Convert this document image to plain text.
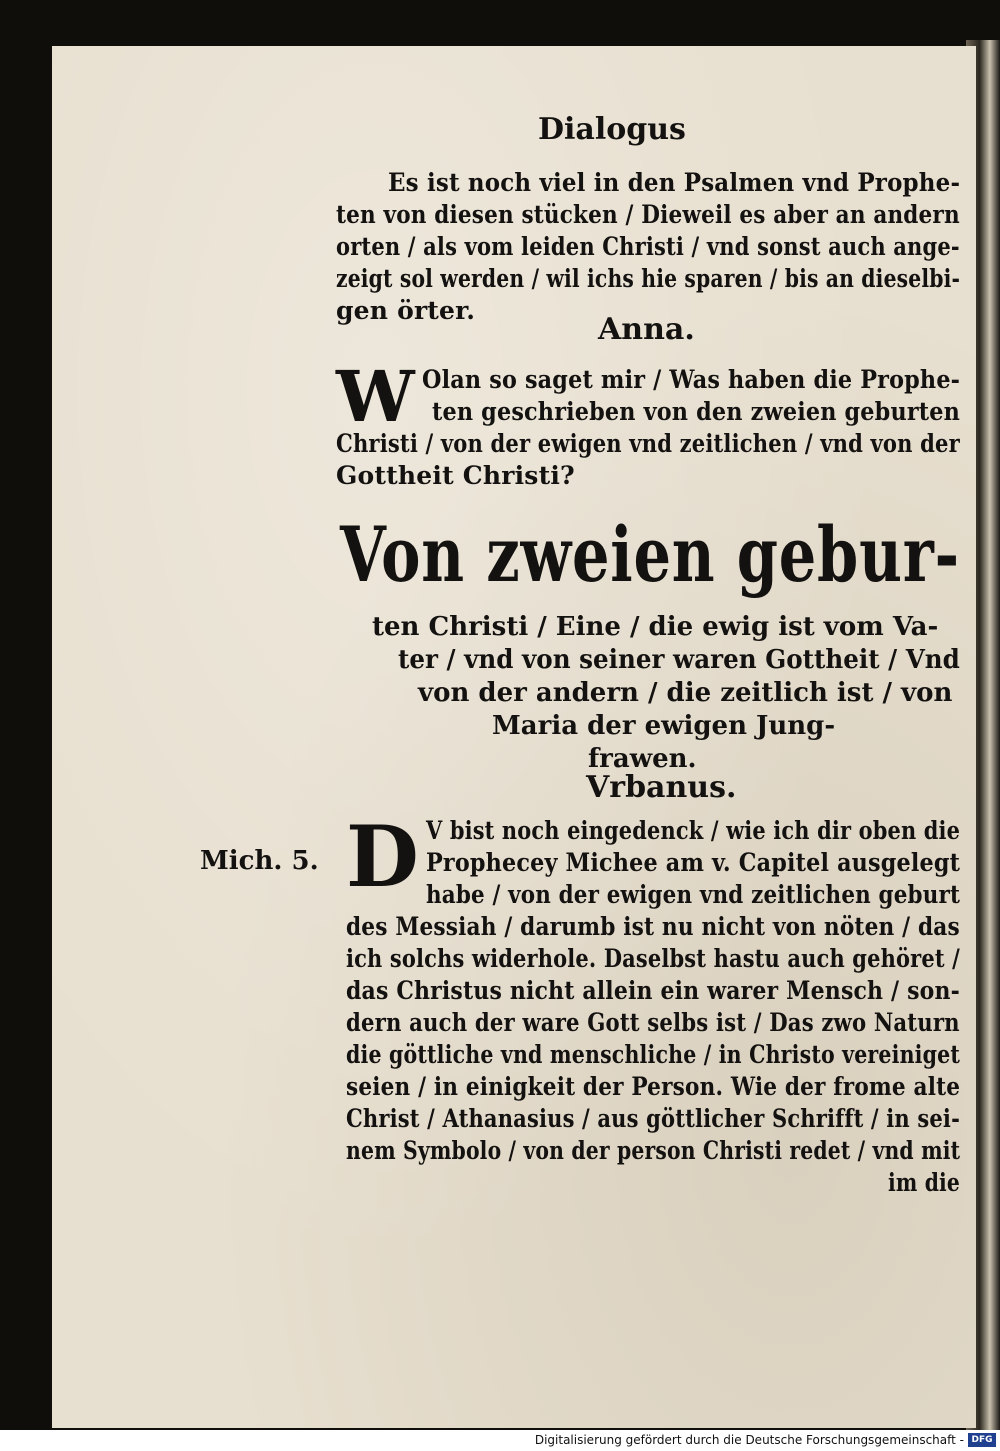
Dialogus

Es ist noch viel in den Psalmen vnd Prophe-

ten von diesen stücken / Dieweil es aber an andern

orten / als vom leiden Christi / vnd sonst auch ange-

zeigt sol werden / wil ichs hie sparen / bis an dieselbi-

gen örter.

Anna.

W Olan so saget mir / Was haben die Prophe-

ten geschrieben von den zweien geburten

Christi / von der ewigen vnd zeitlichen / vnd von der

Gottheit Christi?

Von zweien gebur-

ten Christi / Eine / die ewig ist vom Va-

ter / vnd von seiner waren Gottheit / Vnd

von der andern / die zeitlich ist / von

Maria der ewigen Jung-

frawen.

Vrbanus.

Mich. 5. D V bist noch eingedenck / wie ich dir oben die

Prophecey Michee am v. Capitel ausgelegt

habe / von der ewigen vnd zeitlichen geburt

des Messiah / darumb ist nu nicht von nöten / das

ich solchs widerhole. Daselbst hastu auch gehöret /

das Christus nicht allein ein warer Mensch / son-

dern auch der ware Gott selbs ist / Das zwo Naturn

die göttliche vnd menschliche / in Christo vereiniget

seien / in einigkeit der Person. Wie der frome alte

Christ / Athanasius / aus göttlicher Schrifft / in sei-

nem Symbolo / von der person Christi redet / vnd mit

im die

Digitalisierung gefördert durch die Deutsche Forschungsgemeinschaft - DFG
